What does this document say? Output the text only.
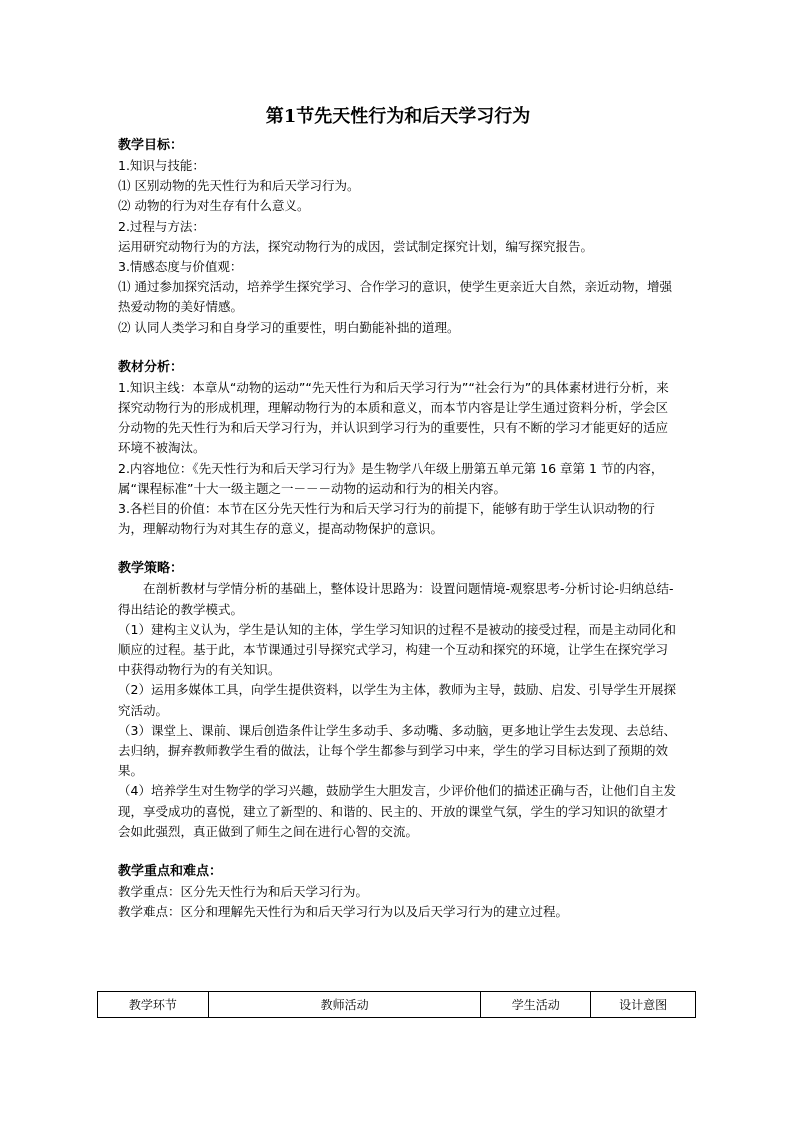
第1节先天性行为和后天学习行为
教学目标：

1.知识与技能：

⑴ 区别动物的先天性行为和后天学习行为。

⑵ 动物的行为对生存有什么意义。

2.过程与方法：

运用研究动物行为的方法，探究动物行为的成因，尝试制定探究计划，编写探究报告。

3.情感态度与价值观：

⑴ 通过参加探究活动，培养学生探究学习、合作学习的意识，使学生更亲近大自然，亲近动物，增强热爱动物的美好情感。

⑵ 认同人类学习和自身学习的重要性，明白勤能补拙的道理。

教材分析：

1.知识主线：本章从“动物的运动”“先天性行为和后天学习行为”“社会行为”的具体素材进行分析，来探究动物行为的形成机理，理解动物行为的本质和意义，而本节内容是让学生通过资料分析，学会区分动物的先天性行为和后天学习行为，并认识到学习行为的重要性，只有不断的学习才能更好的适应环境不被淘汰。

2.内容地位：《先天性行为和后天学习行为》是生物学八年级上册第五单元第 16 章第 1 节的内容，属“课程标准”十大一级主题之一－－－动物的运动和行为的相关内容。

3.各栏目的价值：本节在区分先天性行为和后天学习行为的前提下，能够有助于学生认识动物的行为，理解动物行为对其生存的意义，提高动物保护的意识。

教学策略：

在剖析教材与学情分析的基础上，整体设计思路为：设置问题情境-观察思考-分析讨论-归纳总结-得出结论的教学模式。

（1）建构主义认为，学生是认知的主体，学生学习知识的过程不是被动的接受过程，而是主动同化和顺应的过程。基于此，本节课通过引导探究式学习，构建一个互动和探究的环境，让学生在探究学习中获得动物行为的有关知识。

（2）运用多媒体工具，向学生提供资料，以学生为主体，教师为主导，鼓励、启发、引导学生开展探究活动。

（3）课堂上、课前、课后创造条件让学生多动手、多动嘴、多动脑，更多地让学生去发现、去总结、去归纳，摒弃教师教学生看的做法，让每个学生都参与到学习中来，学生的学习目标达到了预期的效果。

（4）培养学生对生物学的学习兴趣，鼓励学生大胆发言，少评价他们的描述正确与否，让他们自主发现，享受成功的喜悦，建立了新型的、和谐的、民主的、开放的课堂气氛，学生的学习知识的欲望才会如此强烈，真正做到了师生之间在进行心智的交流。

教学重点和难点：

教学重点：区分先天性行为和后天学习行为。

教学难点：区分和理解先天性行为和后天学习行为以及后天学习行为的建立过程。

教学环节	教师活动	学生活动	设计意图
